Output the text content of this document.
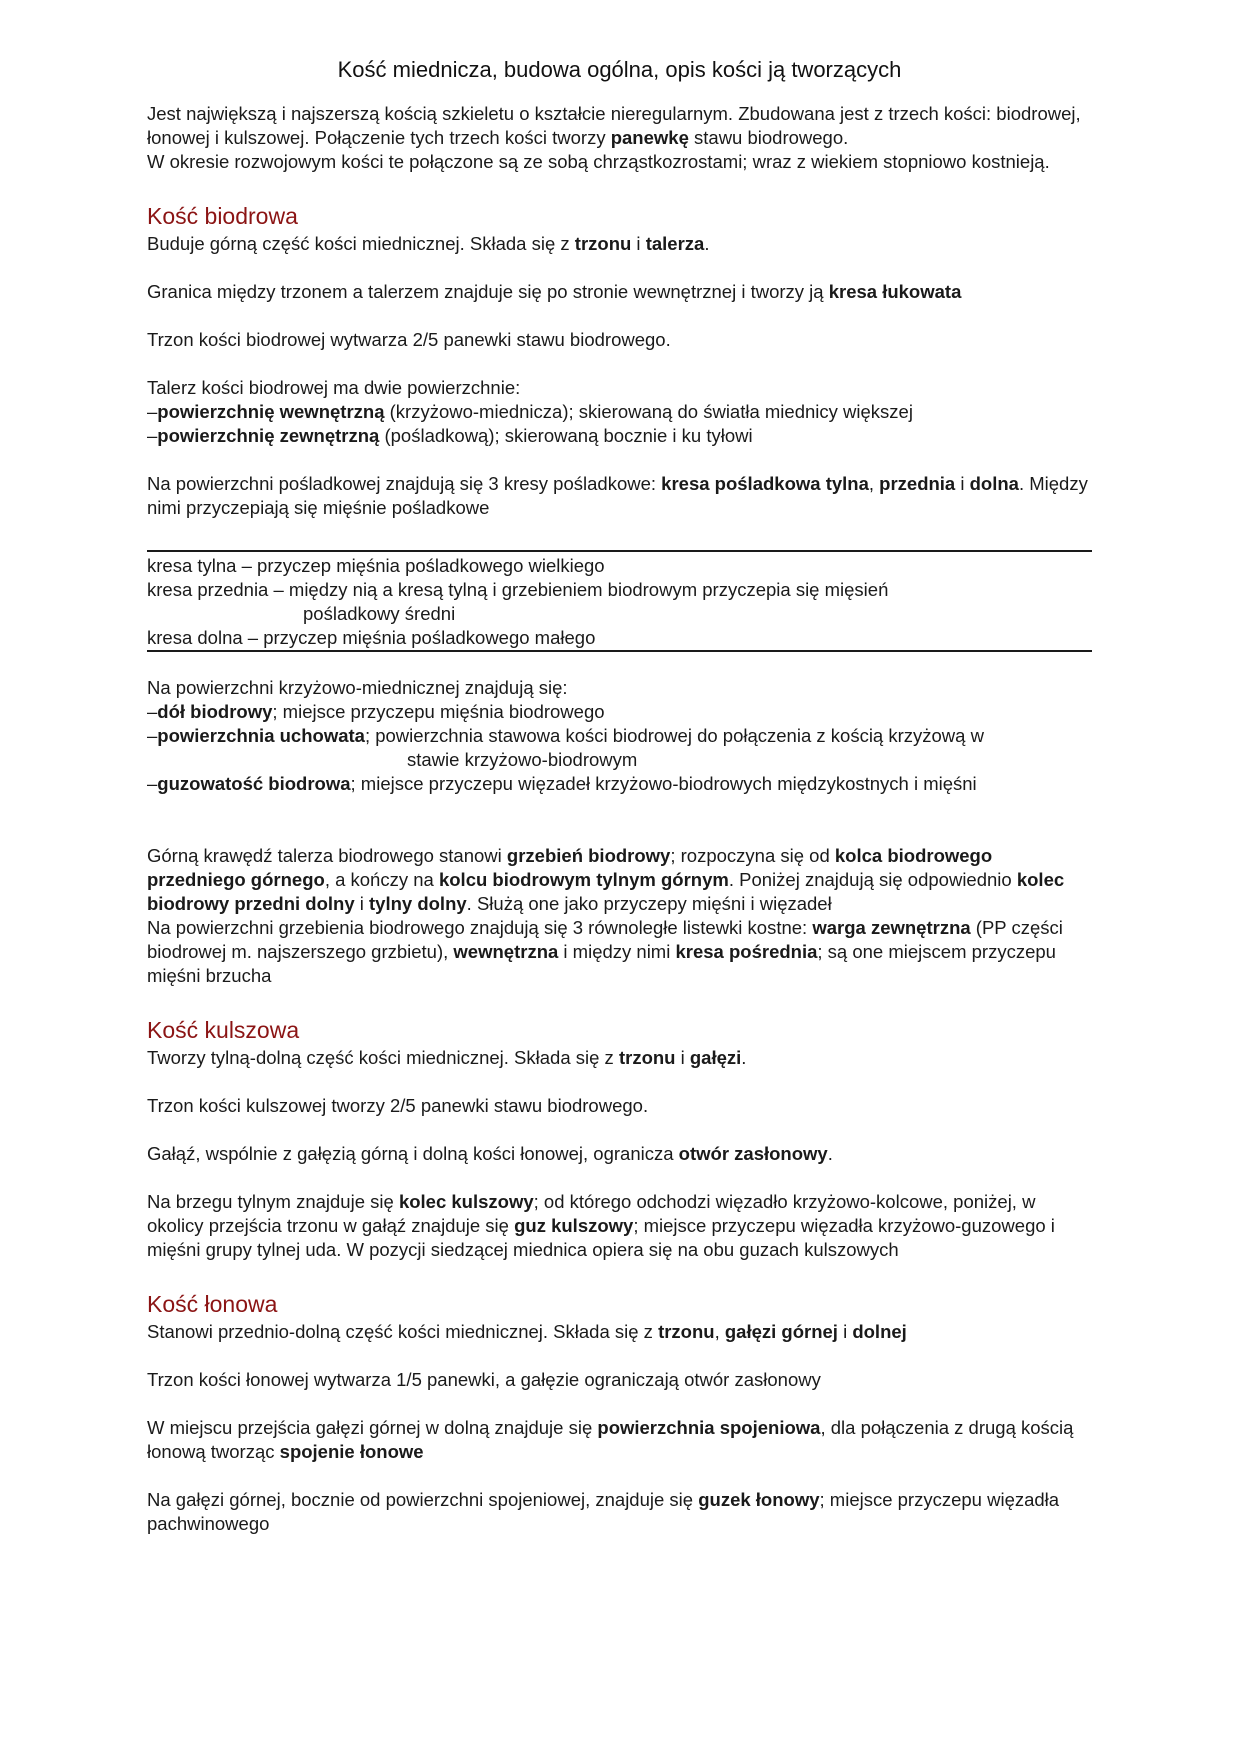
Kość miednicza, budowa ogólna, opis kości ją tworzących

Jest największą i najszerszą kością szkieletu o kształcie nieregularnym. Zbudowana jest z trzech kości: biodrowej, łonowej i kulszowej. Połączenie tych trzech kości tworzy panewkę stawu biodrowego.

W okresie rozwojowym kości te połączone są ze sobą chrząstkozrostami; wraz z wiekiem stopniowo kostnieją.

Kość biodrowa

Buduje górną część kości miednicznej. Składa się z trzonu i talerza.

Granica między trzonem a talerzem znajduje się po stronie wewnętrznej i tworzy ją kresa łukowata

Trzon kości biodrowej wytwarza 2/5 panewki stawu biodrowego.

Talerz kości biodrowej ma dwie powierzchnie:

–powierzchnię wewnętrzną (krzyżowo-miednicza); skierowaną do światła miednicy większej

–powierzchnię zewnętrzną (pośladkową); skierowaną bocznie i ku tyłowi

Na powierzchni pośladkowej znajdują się 3 kresy pośladkowe: kresa pośladkowa tylna, przednia i dolna. Między nimi przyczepiają się mięśnie pośladkowe

kresa tylna – przyczep mięśnia pośladkowego wielkiego

kresa przednia – między nią a kresą tylną i grzebieniem biodrowym przyczepia się mięsień

pośladkowy średni

kresa dolna – przyczep mięśnia pośladkowego małego

Na powierzchni krzyżowo-miednicznej znajdują się:

–dół biodrowy; miejsce przyczepu mięśnia biodrowego

–powierzchnia uchowata; powierzchnia stawowa kości biodrowej do połączenia z kością krzyżową w

stawie krzyżowo-biodrowym

–guzowatość biodrowa; miejsce przyczepu więzadeł krzyżowo-biodrowych międzykostnych i mięśni

Górną krawędź talerza biodrowego stanowi grzebień biodrowy; rozpoczyna się od kolca biodrowego przedniego górnego, a kończy na kolcu biodrowym tylnym górnym. Poniżej znajdują się odpowiednio kolec biodrowy przedni dolny i tylny dolny. Służą one jako przyczepy mięśni i więzadeł

Na powierzchni grzebienia biodrowego znajdują się 3 równoległe listewki kostne: warga zewnętrzna (PP części biodrowej m. najszerszego grzbietu), wewnętrzna i między nimi kresa pośrednia; są one miejscem przyczepu mięśni brzucha

Kość kulszowa

Tworzy tylną-dolną część kości miednicznej. Składa się z trzonu i gałęzi.

Trzon kości kulszowej tworzy 2/5 panewki stawu biodrowego.

Gałąź, wspólnie z gałęzią górną i dolną kości łonowej, ogranicza otwór zasłonowy.

Na brzegu tylnym znajduje się kolec kulszowy; od którego odchodzi więzadło krzyżowo-kolcowe, poniżej, w okolicy przejścia trzonu w gałąź znajduje się guz kulszowy; miejsce przyczepu więzadła krzyżowo-guzowego i mięśni grupy tylnej uda. W pozycji siedzącej miednica opiera się na obu guzach kulszowych

Kość łonowa

Stanowi przednio-dolną część kości miednicznej. Składa się z trzonu, gałęzi górnej i dolnej

Trzon kości łonowej wytwarza 1/5 panewki, a gałęzie ograniczają otwór zasłonowy

W miejscu przejścia gałęzi górnej w dolną znajduje się powierzchnia spojeniowa, dla połączenia z drugą kością łonową tworząc spojenie łonowe

Na gałęzi górnej, bocznie od powierzchni spojeniowej, znajduje się guzek łonowy; miejsce przyczepu więzadła pachwinowego
